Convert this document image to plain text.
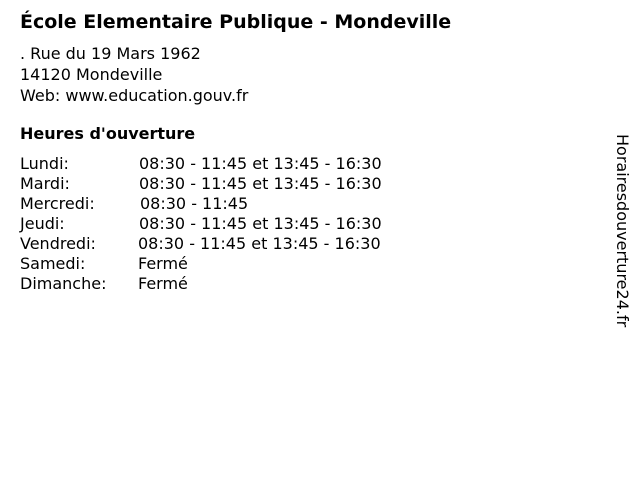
École Elementaire Publique - Mondeville
. Rue du 19 Mars 1962
14120 Mondeville
Web: www.education.gouv.fr
Heures d'ouverture
Lundi:	08:30 - 11:45 et 13:45 - 16:30
Mardi:	08:30 - 11:45 et 13:45 - 16:30
Mercredi:	08:30 - 11:45
Jeudi:	08:30 - 11:45 et 13:45 - 16:30
Vendredi:	08:30 - 11:45 et 13:45 - 16:30
Samedi:	Fermé
Dimanche: Fermé	Horairesdouverture24.fr
